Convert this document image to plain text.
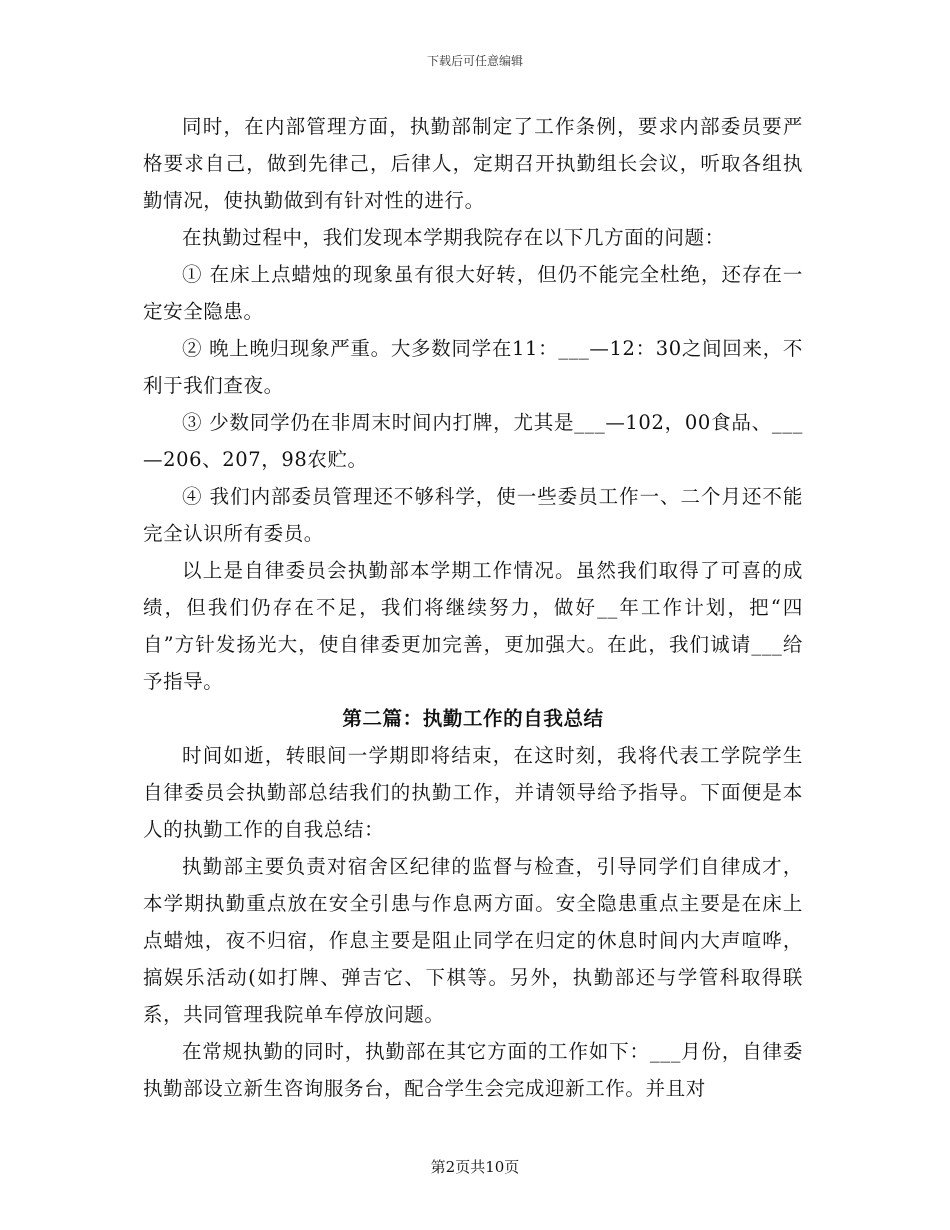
下载后可任意编辑

同时，在内部管理方面，执勤部制定了工作条例，要求内部委员要严格要求自己，做到先律己，后律人，定期召开执勤组长会议，听取各组执勤情况，使执勤做到有针对性的进行。

在执勤过程中，我们发现本学期我院存在以下几方面的问题：

① 在床上点蜡烛的现象虽有很大好转，但仍不能完全杜绝，还存在一定安全隐患。

② 晚上晚归现象严重。大多数同学在11：___—12：30之间回来，不利于我们查夜。

③ 少数同学仍在非周末时间内打牌，尤其是___—102，00食品、___—206、207，98农贮。

④ 我们内部委员管理还不够科学，使一些委员工作一、二个月还不能完全认识所有委员。

以上是自律委员会执勤部本学期工作情况。虽然我们取得了可喜的成绩，但我们仍存在不足，我们将继续努力，做好__年工作计划，把“四自”方针发扬光大，使自律委更加完善，更加强大。在此，我们诚请___给予指导。

第二篇：执勤工作的自我总结

时间如逝，转眼间一学期即将结束，在这时刻，我将代表工学院学生自律委员会执勤部总结我们的执勤工作，并请领导给予指导。下面便是本人的执勤工作的自我总结：

执勤部主要负责对宿舍区纪律的监督与检查，引导同学们自律成才，本学期执勤重点放在安全引患与作息两方面。安全隐患重点主要是在床上点蜡烛，夜不归宿，作息主要是阻止同学在归定的休息时间内大声喧哗，搞娱乐活动(如打牌、弹吉它、下棋等。另外，执勤部还与学管科取得联系，共同管理我院单车停放问题。

在常规执勤的同时，执勤部在其它方面的工作如下：___月份，自律委执勤部设立新生咨询服务台，配合学生会完成迎新工作。并且对

第2页共10页
